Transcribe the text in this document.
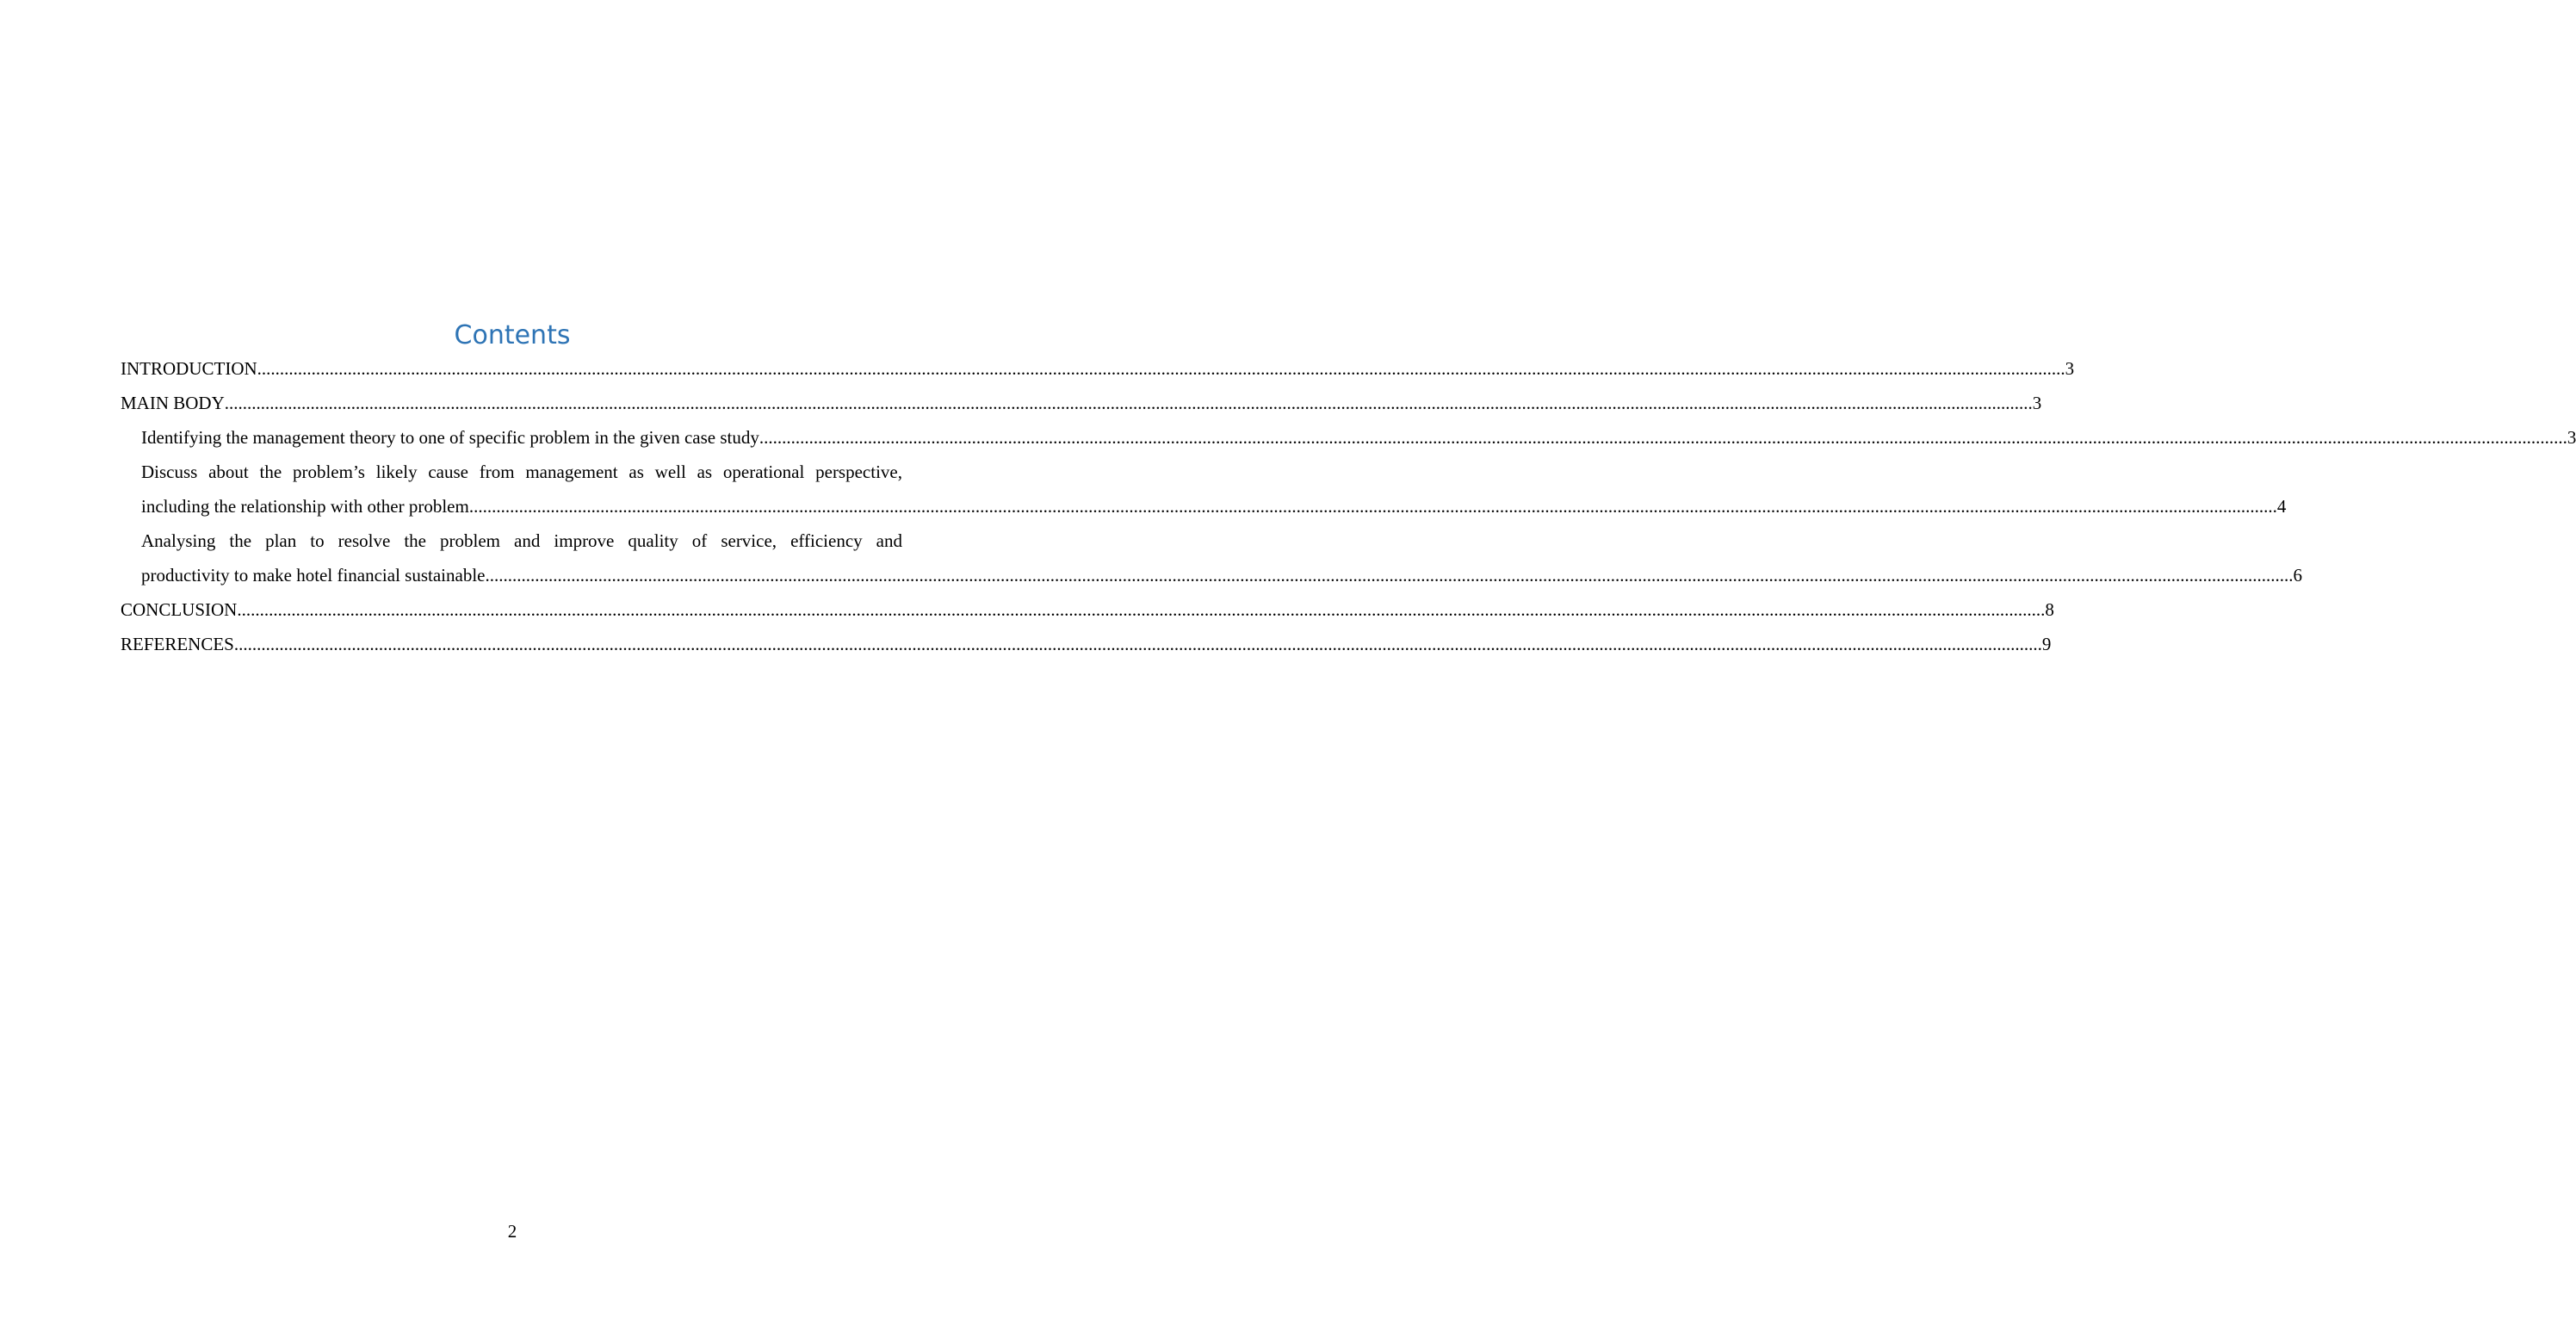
Contents
INTRODUCTION ................................................................................................................................................................................................................................................................................................................................................................................................................ 3
MAIN BODY ................................................................................................................................................................................................................................................................................................................................................................................................................ 3
Identifying the management theory to one of specific problem in the given case study ................................................................................................................................................................................................................................................................................................................................................................................................................ 3
Discuss about the problem’s likely cause from management as well as operational perspective,
including the relationship with other problem ................................................................................................................................................................................................................................................................................................................................................................................................................ 4
Analysing the plan to resolve the problem and improve quality of service, efficiency and
productivity to make hotel financial sustainable ................................................................................................................................................................................................................................................................................................................................................................................................................ 6
CONCLUSION ................................................................................................................................................................................................................................................................................................................................................................................................................ 8
REFERENCES ................................................................................................................................................................................................................................................................................................................................................................................................................ 9
2
